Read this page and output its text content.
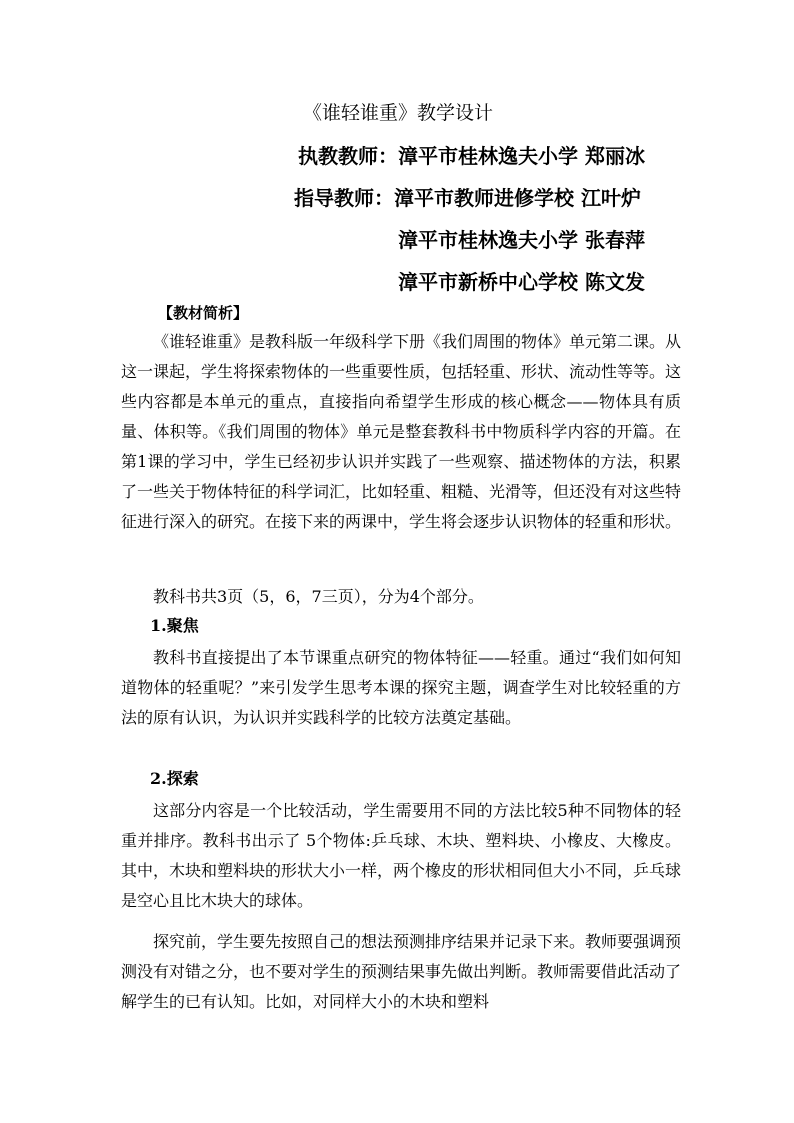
《谁轻谁重》教学设计
执教教师：漳平市桂林逸夫小学 郑丽冰
指导教师：漳平市教师进修学校 江叶炉
漳平市桂林逸夫小学 张春萍
漳平市新桥中心学校 陈文发
【教材简析】

《谁轻谁重》是教科版一年级科学下册《我们周围的物体》单元第二课。从这一课起，学生将探索物体的一些重要性质，包括轻重、形状、流动性等等。这些内容都是本单元的重点，直接指向希望学生形成的核心概念——物体具有质量、体积等。《我们周围的物体》单元是整套教科书中物质科学内容的开篇。在第1课的学习中，学生已经初步认识并实践了一些观察、描述物体的方法，积累了一些关于物体特征的科学词汇，比如轻重、粗糙、光滑等，但还没有对这些特征进行深入的研究。在接下来的两课中，学生将会逐步认识物体的轻重和形状。

教科书共3页（5，6，7三页），分为4个部分。

1.聚焦

教科书直接提出了本节课重点研究的物体特征——轻重。通过“我们如何知道物体的轻重呢？”来引发学生思考本课的探究主题，调查学生对比较轻重的方法的原有认识，为认识并实践科学的比较方法奠定基础。

2.探索

这部分内容是一个比较活动，学生需要用不同的方法比较5种不同物体的轻重并排序。教科书出示了 5个物体:乒乓球、木块、塑料块、小橡皮、大橡皮。其中，木块和塑料块的形状大小一样，两个橡皮的形状相同但大小不同，乒乓球是空心且比木块大的球体。

探究前，学生要先按照自己的想法预测排序结果并记录下来。教师要强调预测没有对错之分，也不要对学生的预测结果事先做出判断。教师需要借此活动了解学生的已有认知。比如，对同样大小的木块和塑料
